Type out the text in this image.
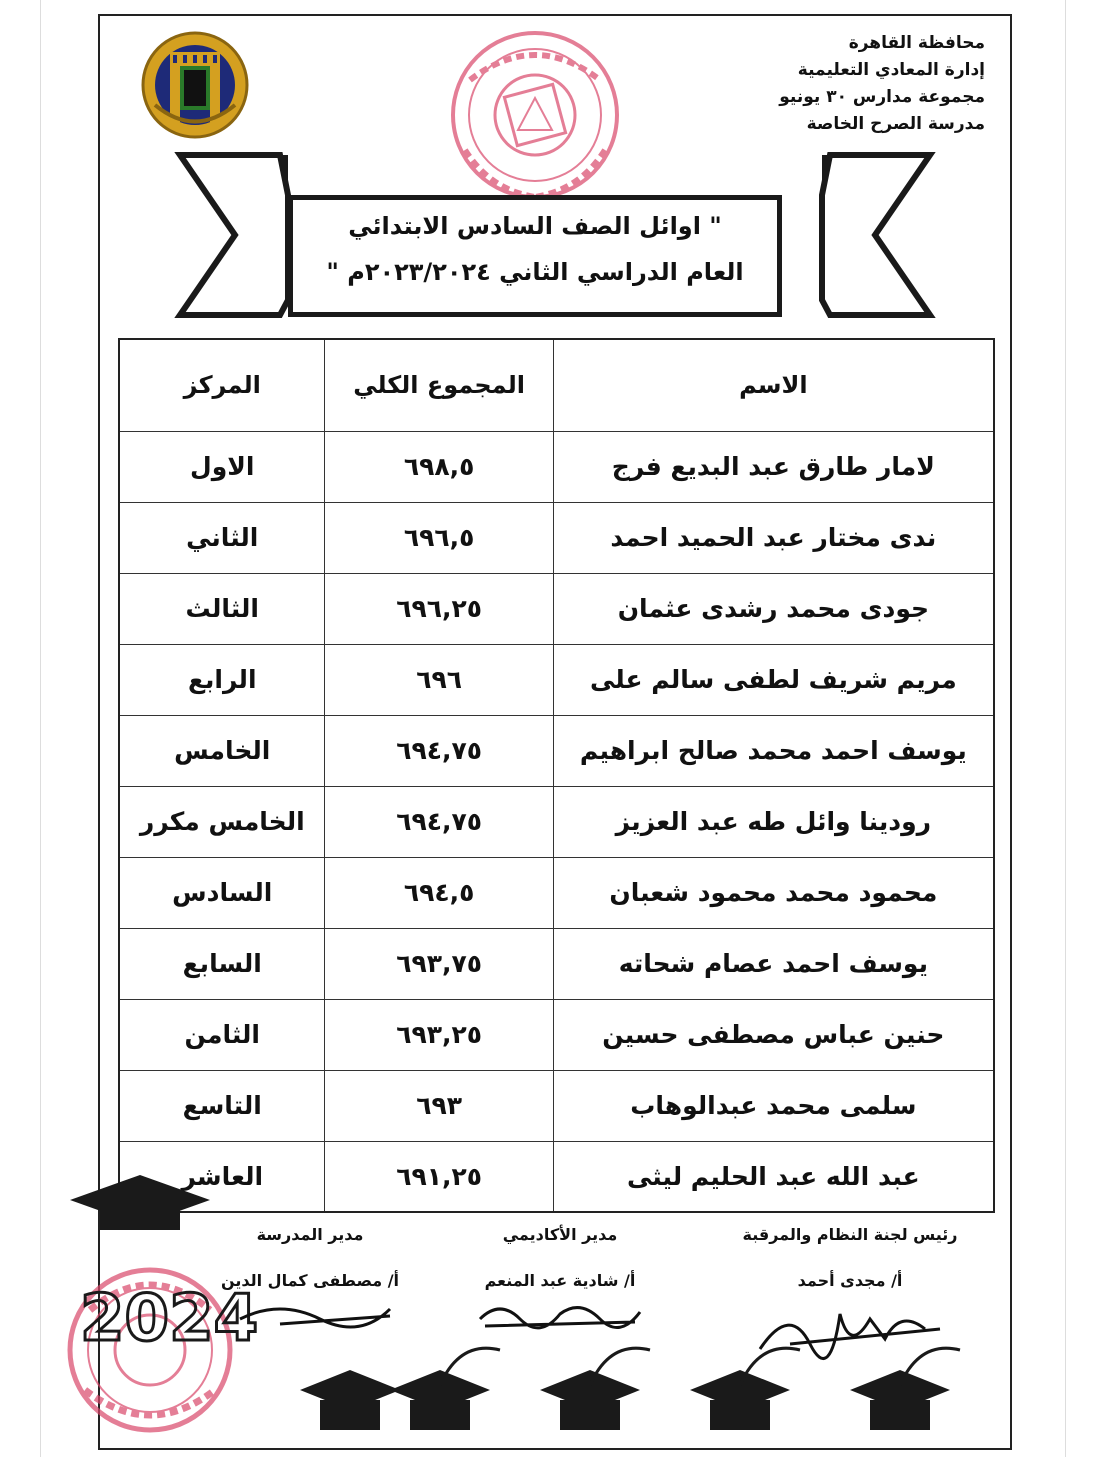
محافظة القاهرة
إدارة المعادي التعليمية
مجموعة مدارس ٣٠ يونيو
مدرسة الصرح الخاصة
" اوائل الصف السادس الابتدائي
العام الدراسي الثاني ٢٠٢٣/٢٠٢٤م "
الاسم	المجموع الكلي	المركز
لامار طارق عبد البديع فرج	٦٩٨,٥	الاول
ندى مختار عبد الحميد احمد	٦٩٦,٥	الثاني
جودى محمد رشدى عثمان	٦٩٦,٢٥	الثالث
مريم شريف لطفى سالم على	٦٩٦	الرابع
يوسف احمد محمد صالح ابراهيم	٦٩٤,٧٥	الخامس
رودينا وائل طه عبد العزيز	٦٩٤,٧٥	الخامس مكرر
محمود محمد محمود شعبان	٦٩٤,٥	السادس
يوسف احمد عصام شحاته	٦٩٣,٧٥	السابع
حنين عباس مصطفى حسين	٦٩٣,٢٥	الثامن
سلمى محمد عبدالوهاب	٦٩٣	التاسع
عبد الله عبد الحليم ليثى	٦٩١,٢٥	العاشر
2024
رئيس لجنة النظام والمرقبة
أ/ مجدى أحمد
مدير الأكاديمي
أ/ شادية عبد المنعم
مدير المدرسة
أ/ مصطفى كمال الدين
